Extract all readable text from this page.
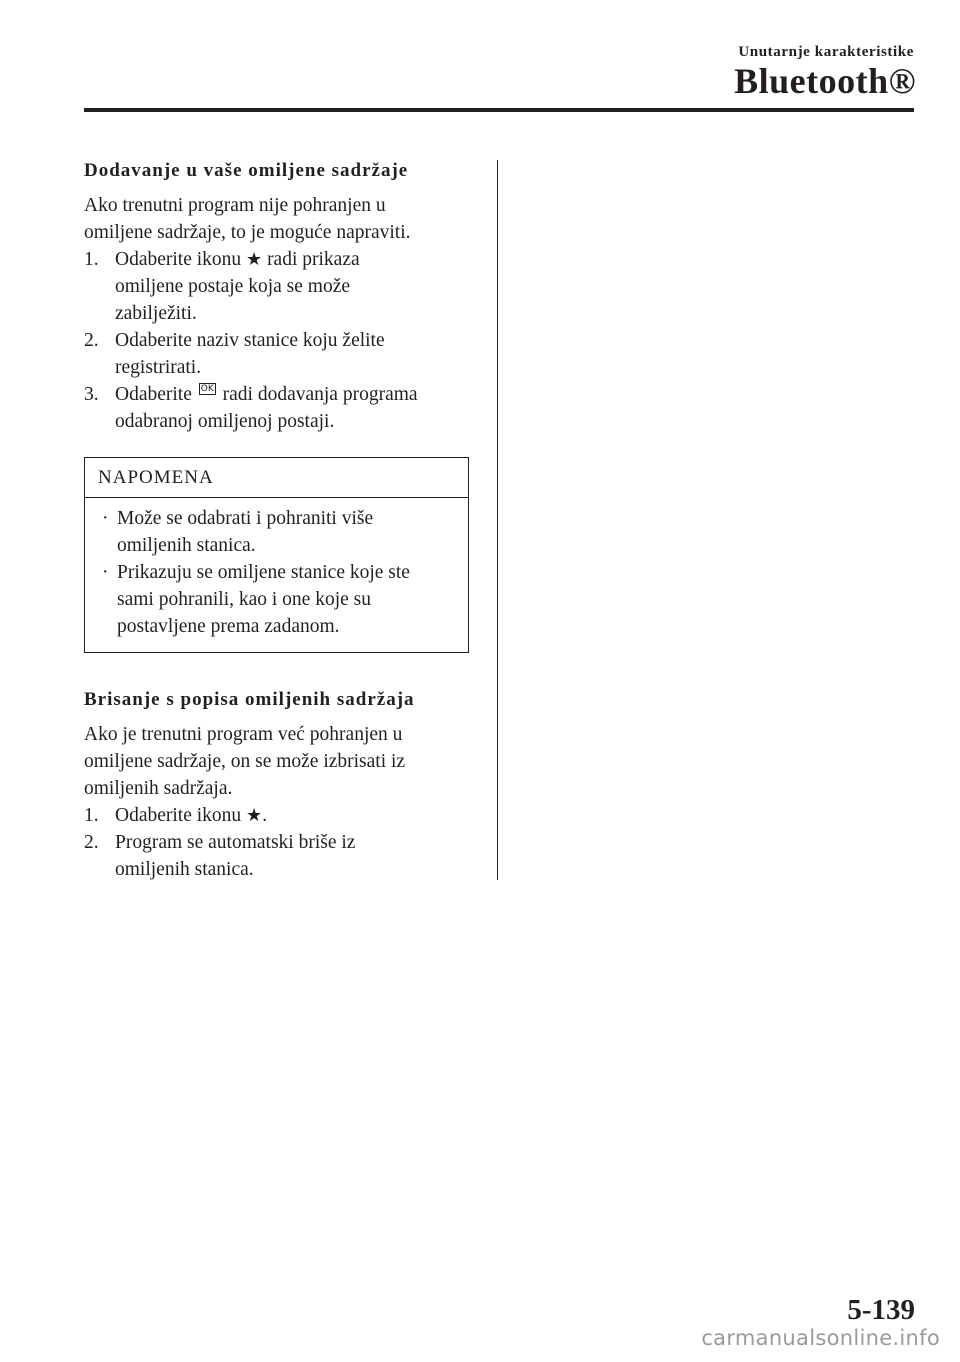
Unutarnje karakteristike
Bluetooth®
Dodavanje u vaše omiljene sadržaje

Ako trenutni program nije pohranjen u

omiljene sadržaje, to je moguće napraviti.

1. Odaberite ikonu ★ radi prikaza
omiljene postaje koja se može
zabilježiti.
2. Odaberite naziv stanice koju želite
registrirati.
3. Odaberite OK radi dodavanja programa
odabranoj omiljenoj postaji.
NAPOMENA
· Može se odabrati i pohraniti više
omiljenih stanica.
· Prikazuju se omiljene stanice koje ste
sami pohranili, kao i one koje su
postavljene prema zadanom.
Brisanje s popisa omiljenih sadržaja

Ako je trenutni program već pohranjen u

omiljene sadržaje, on se može izbrisati iz

omiljenih sadržaja.

1. Odaberite ikonu ★.
2. Program se automatski briše iz
omiljenih stanica.
5-139
carmanualsonline.info
